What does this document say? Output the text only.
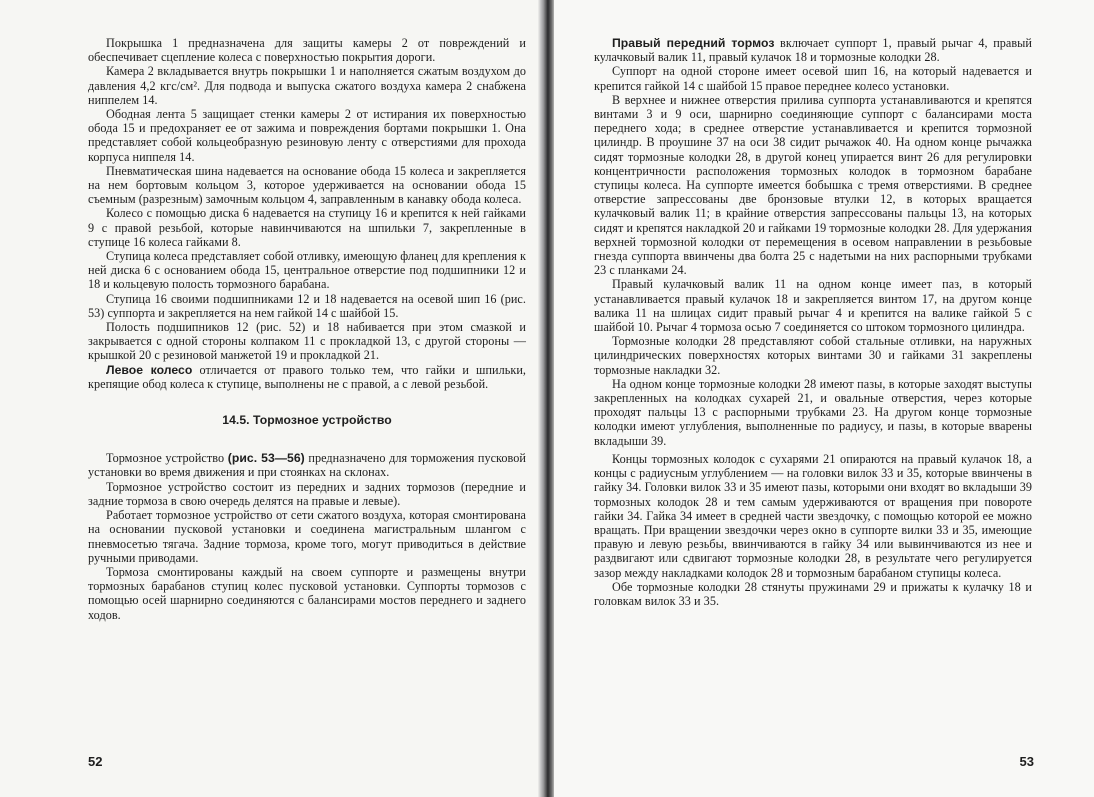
Покрышка 1 предназначена для защиты камеры 2 от повреждений и обеспечивает сцепление колеса с поверхностью покрытия дороги.

Камера 2 вкладывается внутрь покрышки 1 и наполняется сжатым воздухом до давления 4,2 кгс/см². Для подвода и выпуска сжатого воздуха камера 2 снабжена ниппелем 14.

Ободная лента 5 защищает стенки камеры 2 от истирания их поверхностью обода 15 и предохраняет ее от зажима и повреждения бортами покрышки 1. Она представляет собой кольцеобразную резиновую ленту с отверстиями для прохода корпуса ниппеля 14.

Пневматическая шина надевается на основание обода 15 колеса и закрепляется на нем бортовым кольцом 3, которое удерживается на основании обода 15 съемным (разрезным) замочным кольцом 4, заправленным в канавку обода колеса.

Колесо с помощью диска 6 надевается на ступицу 16 и крепится к ней гайками 9 с правой резьбой, которые навинчиваются на шпильки 7, закрепленные в ступице 16 колеса гайками 8.

Ступица колеса представляет собой отливку, имеющую фланец для крепления к ней диска 6 с основанием обода 15, центральное отверстие под подшипники 12 и 18 и кольцевую полость тормозного барабана.

Ступица 16 своими подшипниками 12 и 18 надевается на осевой шип 16 (рис. 53) суппорта и закрепляется на нем гайкой 14 с шайбой 15.

Полость подшипников 12 (рис. 52) и 18 набивается при этом смазкой и закрывается с одной стороны колпаком 11 с прокладкой 13, с другой стороны — крышкой 20 с резиновой манжетой 19 и прокладкой 21.

Левое колесо отличается от правого только тем, что гайки и шпильки, крепящие обод колеса к ступице, выполнены не с правой, а с левой резьбой.

14.5. Тормозное устройство

Тормозное устройство (рис. 53—56) предназначено для торможения пусковой установки во время движения и при стоянках на склонах.

Тормозное устройство состоит из передних и задних тормозов (передние и задние тормоза в свою очередь делятся на правые и левые).

Работает тормозное устройство от сети сжатого воздуха, которая смонтирована на основании пусковой установки и соединена магистральным шлангом с пневмосетью тягача. Задние тормоза, кроме того, могут приводиться в действие ручными приводами.

Тормоза смонтированы каждый на своем суппорте и размещены внутри тормозных барабанов ступиц колес пусковой установки. Суппорты тормозов с помощью осей шарнирно соединяются с балансирами мостов переднего и заднего ходов.

52

Правый передний тормоз включает суппорт 1, правый рычаг 4, правый кулачковый валик 11, правый кулачок 18 и тормозные колодки 28.

Суппорт на одной стороне имеет осевой шип 16, на который надевается и крепится гайкой 14 с шайбой 15 правое переднее колесо установки.

В верхнее и нижнее отверстия прилива суппорта устанавливаются и крепятся винтами 3 и 9 оси, шарнирно соединяющие суппорт с балансирами моста переднего хода; в среднее отверстие устанавливается и крепится тормозной цилиндр. В проушине 37 на оси 38 сидит рычажок 40. На одном конце рычажка сидят тормозные колодки 28, в другой конец упирается винт 26 для регулировки концентричности расположения тормозных колодок в тормозном барабане ступицы колеса. На суппорте имеется бобышка с тремя отверстиями. В среднее отверстие запрессованы две бронзовые втулки 12, в которых вращается кулачковый валик 11; в крайние отверстия запрессованы пальцы 13, на которых сидят и крепятся накладкой 20 и гайками 19 тормозные колодки 28. Для удержания верхней тормозной колодки от перемещения в осевом направлении в резьбовые гнезда суппорта ввинчены два болта 25 с надетыми на них распорными трубками 23 с планками 24.

Правый кулачковый валик 11 на одном конце имеет паз, в который устанавливается правый кулачок 18 и закрепляется винтом 17, на другом конце валика 11 на шлицах сидит правый рычаг 4 и крепится на валике гайкой 5 с шайбой 10. Рычаг 4 тормоза осью 7 соединяется со штоком тормозного цилиндра.

Тормозные колодки 28 представляют собой стальные отливки, на наружных цилиндрических поверхностях которых винтами 30 и гайками 31 закреплены тормозные накладки 32.

На одном конце тормозные колодки 28 имеют пазы, в которые заходят выступы закрепленных на колодках сухарей 21, и овальные отверстия, через которые проходят пальцы 13 с распорными трубками 23. На другом конце тормозные колодки имеют углубления, выполненные по радиусу, и пазы, в которые вварены вкладыши 39.

Концы тормозных колодок с сухарями 21 опираются на правый кулачок 18, а концы с радиусным углублением — на головки вилок 33 и 35, которые ввинчены в гайку 34. Головки вилок 33 и 35 имеют пазы, которыми они входят во вкладыши 39 тормозных колодок 28 и тем самым удерживаются от вращения при повороте гайки 34. Гайка 34 имеет в средней части звездочку, с помощью которой ее можно вращать. При вращении звездочки через окно в суппорте вилки 33 и 35, имеющие правую и левую резьбы, ввинчиваются в гайку 34 или вывинчиваются из нее и раздвигают или сдвигают тормозные колодки 28, в результате чего регулируется зазор между накладками колодок 28 и тормозным барабаном ступицы колеса.

Обе тормозные колодки 28 стянуты пружинами 29 и прижаты к кулачку 18 и головкам вилок 33 и 35.

53
